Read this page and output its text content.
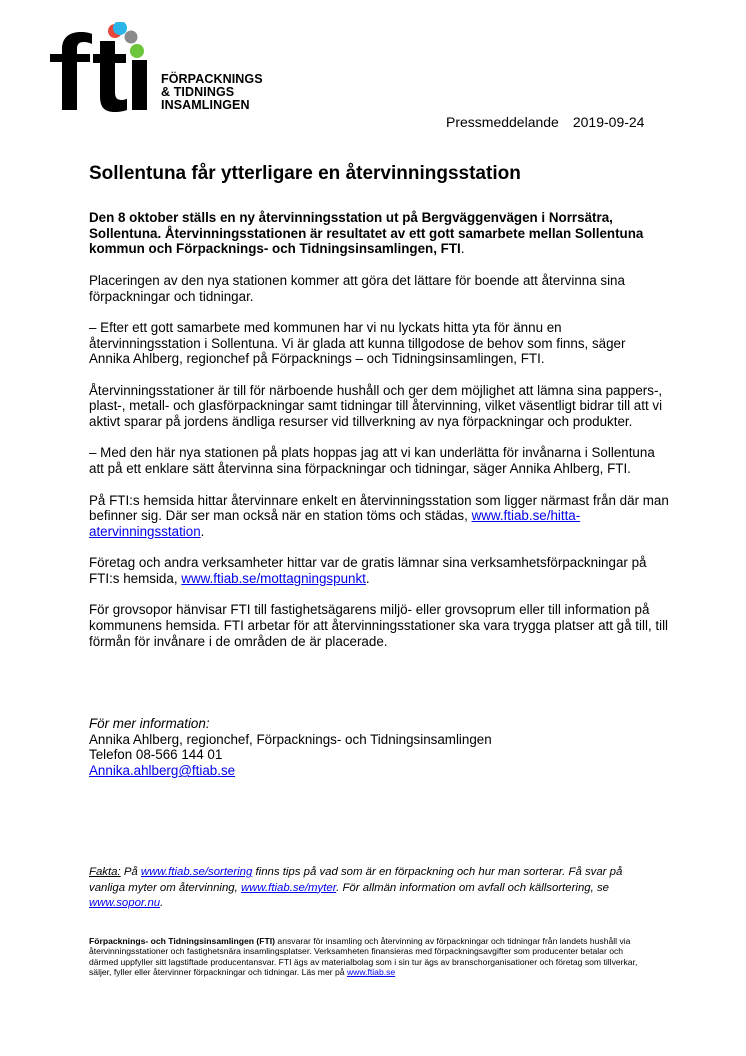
FÖRPACKNINGS
& TIDNINGS
INSAMLINGEN
Pressmeddelande 2019-09-24
Sollentuna får ytterligare en återvinningsstation

Den 8 oktober ställs en ny återvinningsstation ut på Bergväggenvägen i Norrsätra, Sollentuna. Återvinningsstationen är resultatet av ett gott samarbete mellan Sollentuna kommun och Förpacknings- och Tidningsinsamlingen, FTI.

Placeringen av den nya stationen kommer att göra det lättare för boende att återvinna sina förpackningar och tidningar.

– Efter ett gott samarbete med kommunen har vi nu lyckats hitta yta för ännu en återvinningsstation i Sollentuna. Vi är glada att kunna tillgodose de behov som finns, säger Annika Ahlberg, regionchef på Förpacknings – och Tidningsinsamlingen, FTI.

Återvinningsstationer är till för närboende hushåll och ger dem möjlighet att lämna sina pappers-, plast-, metall- och glasförpackningar samt tidningar till återvinning, vilket väsentligt bidrar till att vi aktivt sparar på jordens ändliga resurser vid tillverkning av nya förpackningar och produkter.

– Med den här nya stationen på plats hoppas jag att vi kan underlätta för invånarna i Sollentuna att på ett enklare sätt återvinna sina förpackningar och tidningar, säger Annika Ahlberg, FTI.

På FTI:s hemsida hittar återvinnare enkelt en återvinningsstation som ligger närmast från där man befinner sig. Där ser man också när en station töms och städas, www.ftiab.se/hitta-atervinningsstation.

Företag och andra verksamheter hittar var de gratis lämnar sina verksamhetsförpackningar på FTI:s hemsida, www.ftiab.se/mottagningspunkt.

För grovsopor hänvisar FTI till fastighetsägarens miljö- eller grovsoprum eller till information på kommunens hemsida. FTI arbetar för att återvinningsstationer ska vara trygga platser att gå till, till förmån för invånare i de områden de är placerade.

För mer information:
Annika Ahlberg, regionchef, Förpacknings- och Tidningsinsamlingen
Telefon 08-566 144 01
Annika.ahlberg@ftiab.se
Fakta: På www.ftiab.se/sortering finns tips på vad som är en förpackning och hur man sorterar. Få svar på vanliga myter om återvinning, www.ftiab.se/myter. För allmän information om avfall och källsortering, se www.sopor.nu.
Förpacknings- och Tidningsinsamlingen (FTI) ansvarar för insamling och återvinning av förpackningar och tidningar från landets hushåll via återvinningsstationer och fastighetsnära insamlingsplatser. Verksamheten finansieras med förpackningsavgifter som producenter betalar och därmed uppfyller sitt lagstiftade producentansvar. FTI ägs av materialbolag som i sin tur ägs av branschorganisationer och företag som tillverkar, säljer, fyller eller återvinner förpackningar och tidningar. Läs mer på www.ftiab.se
